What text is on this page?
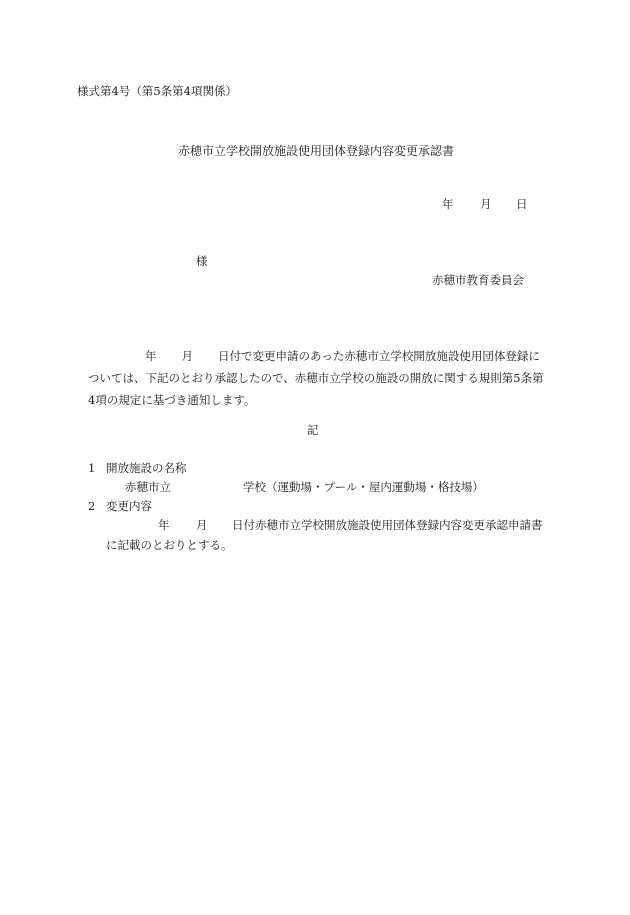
様式第4号（第5条第4項関係）
赤穂市立学校開放施設使用団体登録内容変更承認書
年 月 日
様
赤穂市教育委員会
年 月 日付で変更申請のあった赤穂市立学校開放施設使用団体登録に
ついては、下記のとおり承認したので、赤穂市立学校の施設の開放に関する規則第5条第
4項の規定に基づき通知します。
記
1 開放施設の名称
赤穂市立	学校（運動場・プール・屋内運動場・格技場）
2 変更内容
年 月 日付赤穂市立学校開放施設使用団体登録内容変更承認申請書
に記載のとおりとする。
